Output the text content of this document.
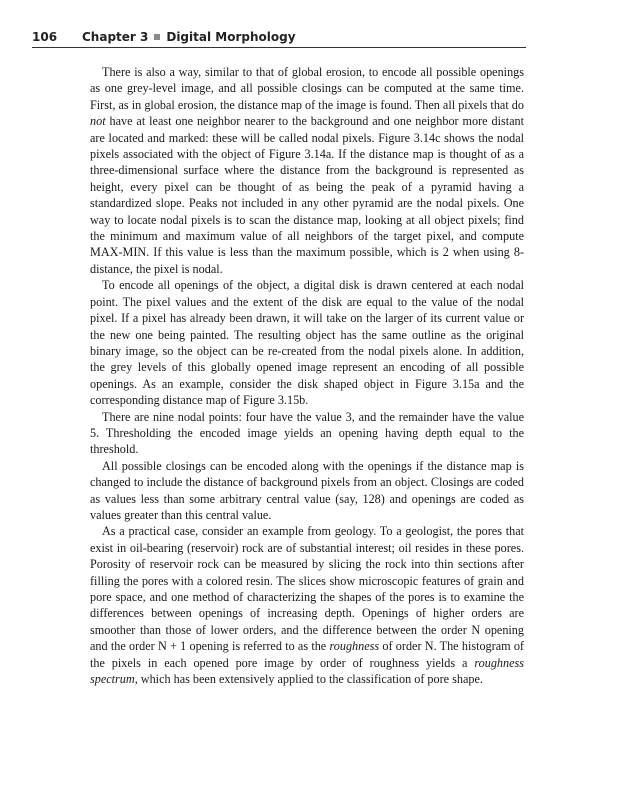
106 Chapter 3 Digital Morphology

There is also a way, similar to that of global erosion, to encode all possible openings as one grey-level image, and all possible closings can be computed at the same time. First, as in global erosion, the distance map of the image is found. Then all pixels that do not have at least one neighbor nearer to the background and one neighbor more distant are located and marked: these will be called nodal pixels. Figure 3.14c shows the nodal pixels associated with the object of Figure 3.14a. If the distance map is thought of as a three-dimensional surface where the distance from the background is represented as height, every pixel can be thought of as being the peak of a pyramid having a standardized slope. Peaks not included in any other pyramid are the nodal pixels. One way to locate nodal pixels is to scan the distance map, looking at all object pixels; find the minimum and maximum value of all neighbors of the target pixel, and compute MAX-MIN. If this value is less than the maximum possible, which is 2 when using 8-distance, the pixel is nodal.

To encode all openings of the object, a digital disk is drawn centered at each nodal point. The pixel values and the extent of the disk are equal to the value of the nodal pixel. If a pixel has already been drawn, it will take on the larger of its current value or the new one being painted. The resulting object has the same outline as the original binary image, so the object can be re-created from the nodal pixels alone. In addition, the grey levels of this globally opened image represent an encoding of all possible openings. As an example, consider the disk shaped object in Figure 3.15a and the corresponding distance map of Figure 3.15b.

There are nine nodal points: four have the value 3, and the remainder have the value 5. Thresholding the encoded image yields an opening having depth equal to the threshold.

All possible closings can be encoded along with the openings if the distance map is changed to include the distance of background pixels from an object. Closings are coded as values less than some arbitrary central value (say, 128) and openings are coded as values greater than this central value.

As a practical case, consider an example from geology. To a geologist, the pores that exist in oil-bearing (reservoir) rock are of substantial interest; oil resides in these pores. Porosity of reservoir rock can be measured by slicing the rock into thin sections after filling the pores with a colored resin. The slices show microscopic features of grain and pore space, and one method of characterizing the shapes of the pores is to examine the differences between openings of increasing depth. Openings of higher orders are smoother than those of lower orders, and the difference between the order N opening and the order N + 1 opening is referred to as the roughness of order N. The histogram of the pixels in each opened pore image by order of roughness yields a roughness spectrum, which has been extensively applied to the classification of pore shape.
